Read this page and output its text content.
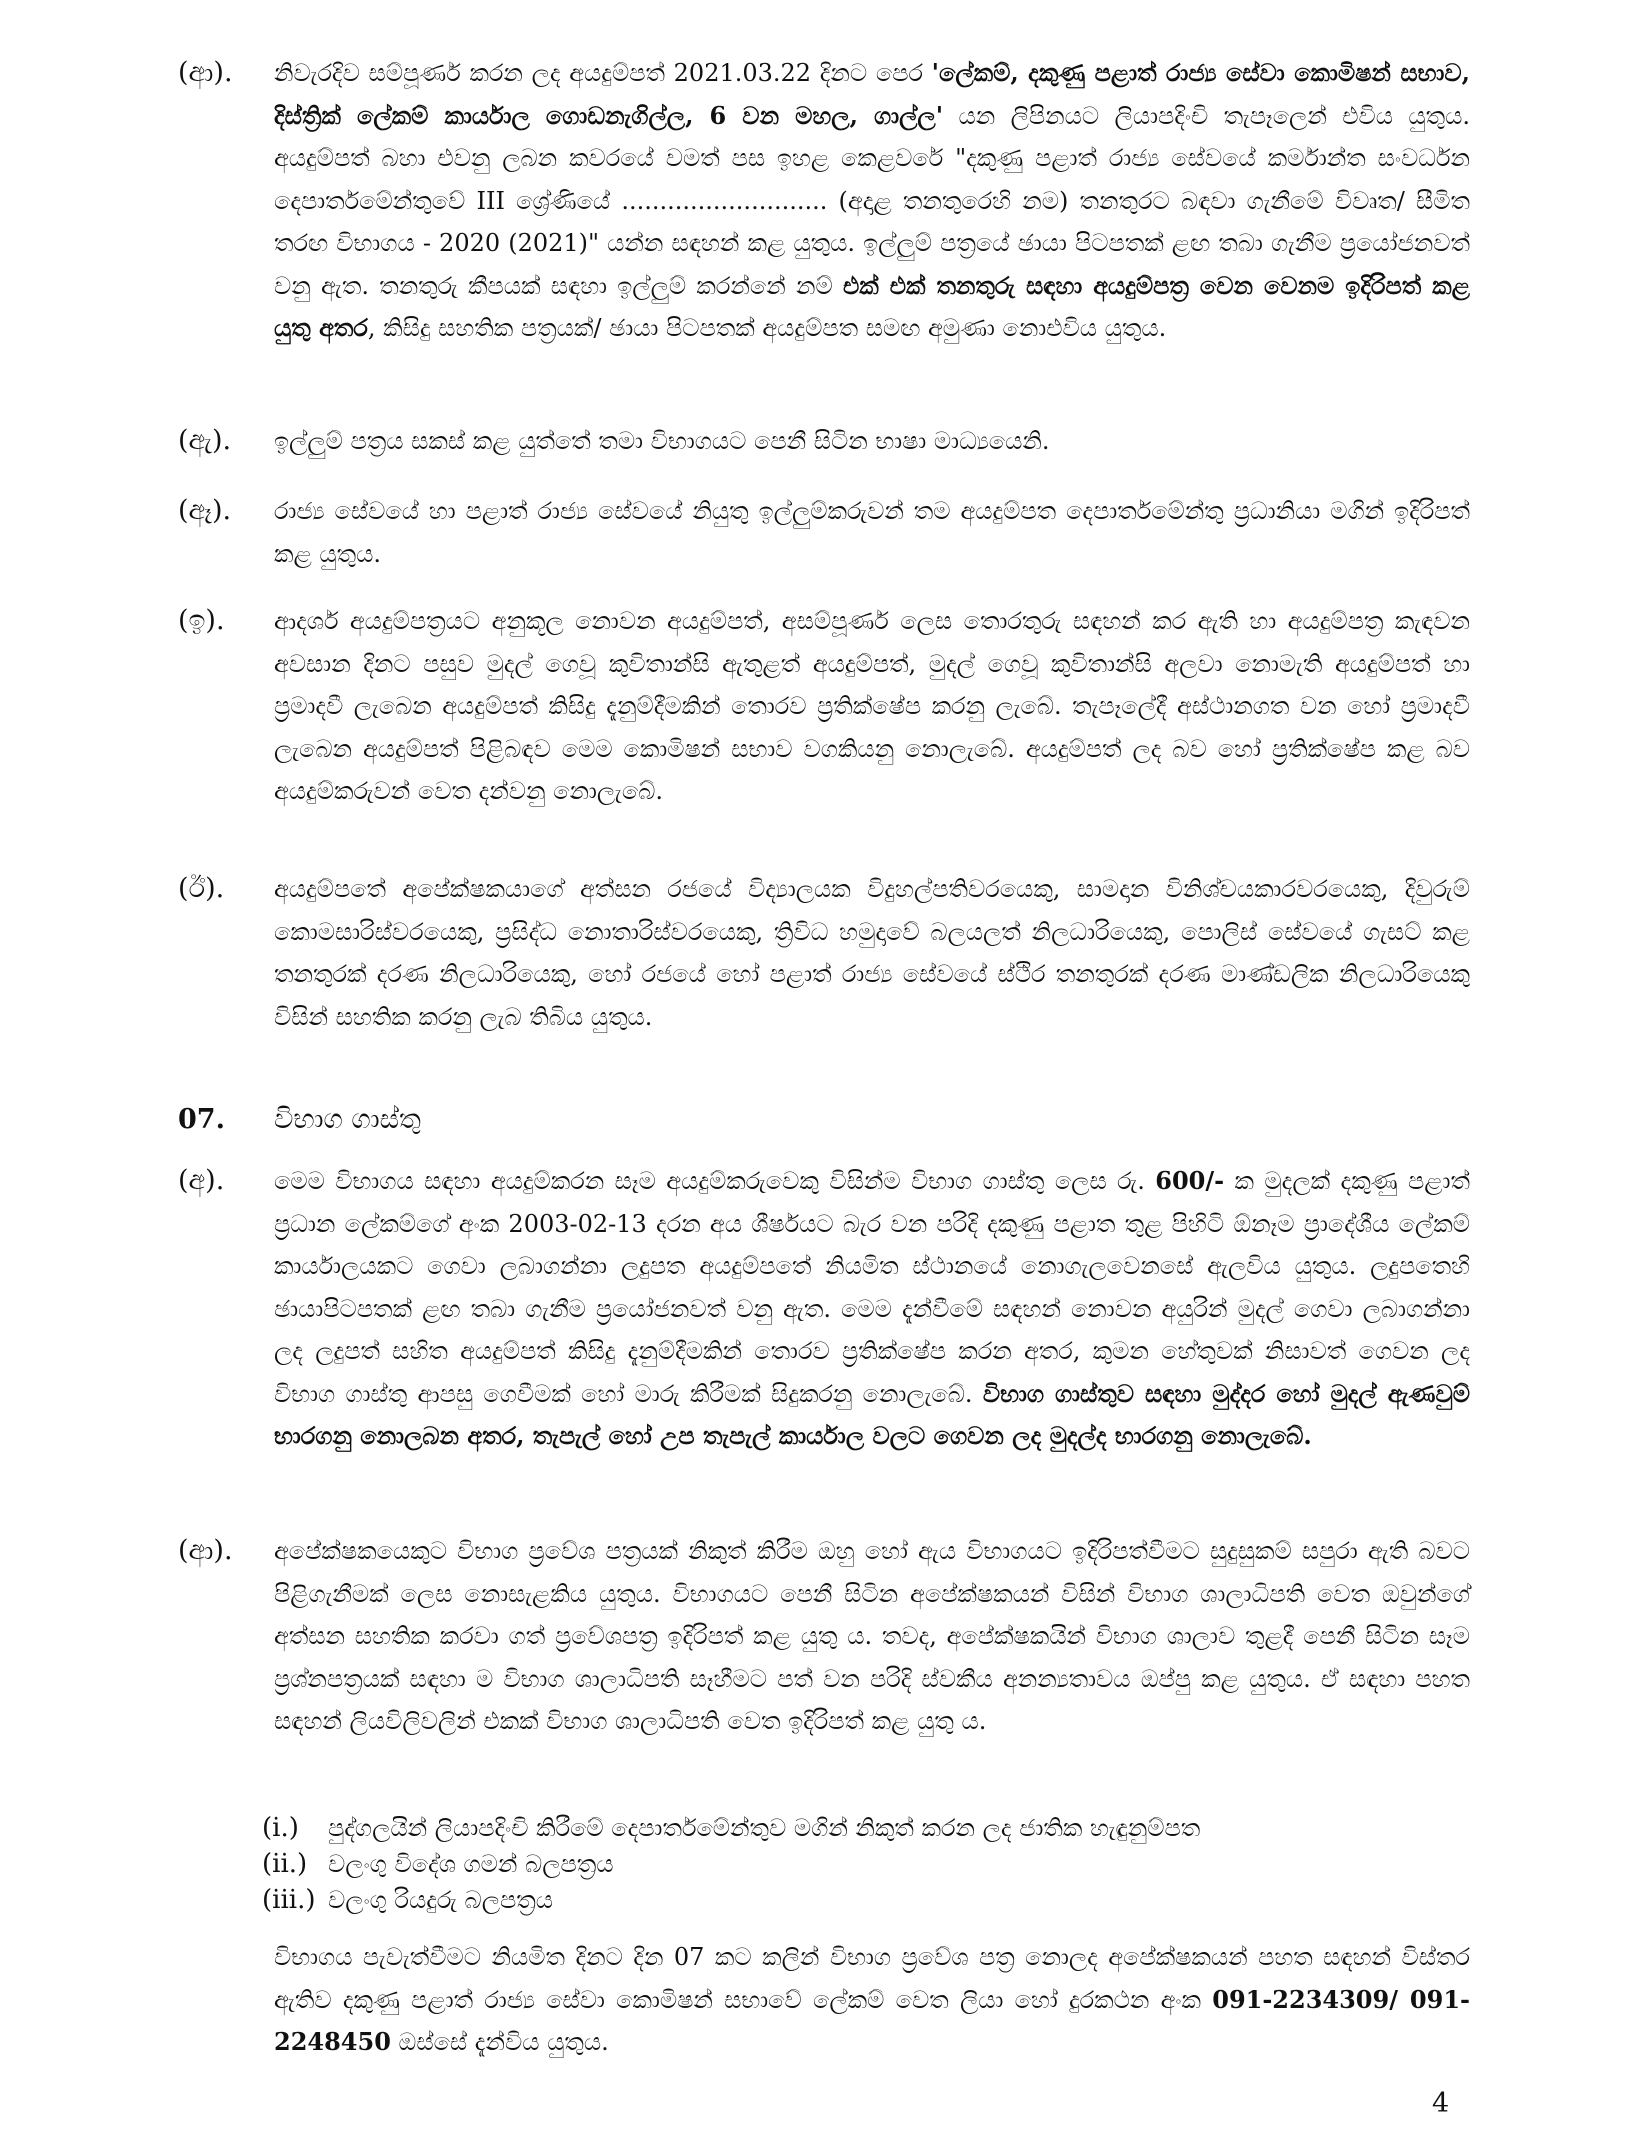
(ආ).	නිවැරදිව සම්පූර්ණ කරන ලද අයදුම්පත් 2021.03.22 දිනට පෙර 'ලේකම්, දකුණු පළාත් රාජ්‍ය සේවා කොමිෂන් සභාව, දිස්ත්‍රික් ලේකම් කාර්යාල ගොඩනැගිල්ල, 6 වන මහල, ගාල්ල' යන ලිපිනයට ලියාපදිංචි තැපෑලෙන් එවිය යුතුය. අයදුම්පත් බහා එවනු ලබන කවරයේ වමත් පස ඉහළ කෙළවරේ "දකුණු පළාත් රාජ්‍ය සේවයේ කර්මාන්ත සංවර්ධන දෙපාර්තමේන්තුවේ III ශ්‍රේණියේ ........................... (අදාළ තනතුරෙහි නම) තනතුරට බඳවා ගැනීමේ විවෘත/ සීමිත තරඟ විභාගය - 2020 (2021)" යන්න සඳහන් කළ යුතුය. ඉල්ලුම් පත්‍රයේ ඡායා පිටපතක් ළඟ තබා ගැනීම ප්‍රයෝජනවත් වනු ඇත. තනතුරු කීපයක් සඳහා ඉල්ලුම් කරන්නේ නම් එක් එක් තනතුරු සඳහා අයදුම්පත්‍ර වෙන වෙනම ඉදිරිපත් කළ යුතු අතර, කිසිදු සහතික පත්‍රයක්/ ඡායා පිටපතක් අයදුම්පත සමඟ අමුණා නොඑවිය යුතුය.
(ඇ).	ඉල්ලුම් පත්‍රය සකස් කළ යුත්තේ තමා විභාගයට පෙනී සිටින භාෂා මාධ්‍යයෙනි.
(ඈ).	රාජ්‍ය සේවයේ හා පළාත් රාජ්‍ය සේවයේ නියුතු ඉල්ලුම්කරුවන් තම අයදුම්පත දෙපාර්තමේන්තු ප්‍රධානියා මගින් ඉදිරිපත් කළ යුතුය.
(ඉ).	ආදර්ශ අයදුම්පත්‍රයට අනුකූල නොවන අයදුම්පත්, අසම්පූර්ණ ලෙස තොරතුරු සඳහන් කර ඇති හා අයදුම්පත්‍ර කැඳවන අවසාන දිනට පසුව මුදල් ගෙවූ කුවිතාන්සි ඇතුළත් අයදුම්පත්, මුදල් ගෙවූ කුවිතාන්සි අලවා නොමැති අයදුම්පත් හා ප්‍රමාදවී ලැබෙන අයදුම්පත් කිසිදු දැනුම්දීමකින් තොරව ප්‍රතික්ෂේප කරනු ලැබේ. තැපෑලේදී අස්ථානගත වන හෝ ප්‍රමාදවී ලැබෙන අයදුම්පත් පිළිබඳව මෙම කොමිෂන් සභාව වගකියනු නොලැබේ. අයදුම්පත් ලද බව හෝ ප්‍රතික්ෂේප කළ බව අයදුම්කරුවන් වෙත දන්වනු නොලැබේ.
(ඊ).	අයදුම්පතේ අපේක්ෂකයාගේ අත්සන රජයේ විද්‍යාලයක විදුහල්පතිවරයෙකු, සාමදාන විනිශ්චයකාරවරයෙකු, දිවුරුම් කොමසාරිස්වරයෙකු, ප්‍රසිද්ධ නොතාරිස්වරයෙකු, ත්‍රිවිධ හමුදාවේ බලයලත් නිලධාරියෙකු, පොලිස් සේවයේ ගැසට් කළ තනතුරක් දරණ නිලධාරියෙකු, හෝ රජයේ හෝ පළාත් රාජ්‍ය සේවයේ ස්ථිර තනතුරක් දරණ මාණ්ඩලික නිලධාරියෙකු විසින් සහතික කරනු ලැබ තිබිය යුතුය.
07. විභාග ගාස්තු
(අ).	මෙම විභාගය සඳහා අයදුම්කරන සෑම අයදුම්කරුවෙකු විසින්ම විභාග ගාස්තු ලෙස රු. 600/- ක මුදලක් දකුණු පළාත් ප්‍රධාන ලේකම්ගේ අංක 2003-02-13 දරන අය ශීර්ෂයට බැර වන පරිදි දකුණු පළාත තුළ පිහිටි ඕනෑම ප්‍රාදේශීය ලේකම් කාර්යාලයකට ගෙවා ලබාගන්නා ලදුපත අයදුම්පතේ නියමිත ස්ථානයේ නොගැලවෙනසේ ඇලවිය යුතුය. ලදුපතෙහි ඡායාපිටපතක් ළඟ තබා ගැනීම ප්‍රයෝජනවත් වනු ඇත. මෙම දැන්වීමේ සඳහන් නොවන අයුරින් මුදල් ගෙවා ලබාගන්නා ලද ලදුපත් සහිත අයදුම්පත් කිසිදු දැනුම්දීමකින් තොරව ප්‍රතික්ෂේප කරන අතර, කුමන හේතුවක් නිසාවත් ගෙවන ලද විභාග ගාස්තු ආපසු ගෙවීමක් හෝ මාරු කිරීමක් සිදුකරනු නොලැබේ. විභාග ගාස්තුව සඳහා මුද්දර හෝ මුදල් ඇණවුම් භාරගනු නොලබන අතර, තැපැල් හෝ උප තැපැල් කාර්යාල වලට ගෙවන ලද මුදල්ද භාරගනු නොලැබේ.
(ආ).	අපේක්ෂකයෙකුට විභාග ප්‍රවේශ පත්‍රයක් නිකුත් කිරීම ඔහු හෝ ඇය විභාගයට ඉදිරිපත්වීමට සුදුසුකම් සපුරා ඇති බවට පිළිගැනීමක් ලෙස නොසැළකිය යුතුය. විභාගයට පෙනී සිටින අපේක්ෂකයන් විසින් විභාග ශාලාධිපති වෙත ඔවුන්ගේ අත්සන සහතික කරවා ගත් ප්‍රවේශපත්‍ර ඉදිරිපත් කළ යුතු ය. තවද, අපේක්ෂකයින් විභාග ශාලාව තුළදී පෙනී සිටින සෑම ප්‍රශ්නපත්‍රයක් සඳහා ම විභාග ශාලාධිපති සෑහීමට පත් වන පරිදි ස්වකීය අනන්‍යතාවය ඔප්පු කළ යුතුය. ඒ සඳහා පහත සඳහන් ලියවිලිවලින් එකක් විභාග ශාලාධිපති වෙත ඉදිරිපත් කළ යුතු ය.
(i.) පුද්ගලයින් ලියාපදිංචි කිරීමේ දෙපාර්තමේන්තුව මගින් නිකුත් කරන ලද ජාතික හැඳුනුම්පත
(ii.) වලංගු විදේශ ගමන් බලපත්‍රය
(iii.) වලංගු රියදුරු බලපත්‍රය
විභාගය පැවැත්වීමට නියමිත දිනට දින 07 කට කලින් විභාග ප්‍රවේශ පත්‍ර නොලද අපේක්ෂකයන් පහත සඳහන් විස්තර ඇතිව දකුණු පළාත් රාජ්‍ය සේවා කොමිෂන් සභාවේ ලේකම් වෙත ලියා හෝ දුරකථන අංක 091-2234309/ 091-2248450 ඔස්සේ දැන්විය යුතුය.
4
